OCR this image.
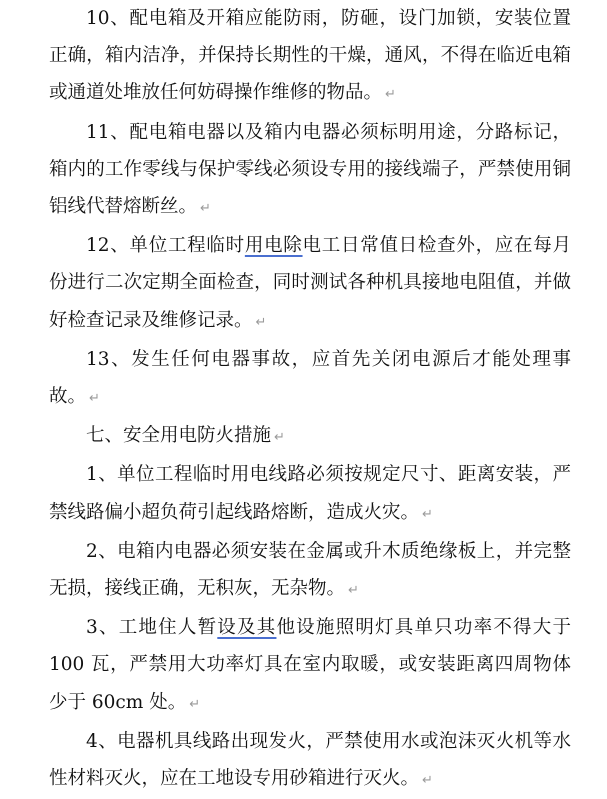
10、配电箱及开箱应能防雨，防砸，设门加锁，安装位置正确，箱内洁净，并保持长期性的干燥，通风，不得在临近电箱或通道处堆放任何妨碍操作维修的物品。 ↵

11、配电箱电器以及箱内电器必须标明用途，分路标记，箱内的工作零线与保护零线必须设专用的接线端子，严禁使用铜铝线代替熔断丝。 ↵

12、单位工程临时用电除电工日常值日检查外，应在每月份进行二次定期全面检查，同时测试各种机具接地电阻值，并做好检查记录及维修记录。 ↵

13、发生任何电器事故，应首先关闭电源后才能处理事故。 ↵

七、安全用电防火措施 ↵

1、单位工程临时用电线路必须按规定尺寸、距离安装，严禁线路偏小超负荷引起线路熔断，造成火灾。 ↵

2、电箱内电器必须安装在金属或升木质绝缘板上，并完整无损，接线正确，无积灰，无杂物。 ↵

3、工地住人暂设及其他设施照明灯具单只功率不得大于 100 瓦，严禁用大功率灯具在室内取暖，或安装距离四周物体少于 60cm 处。 ↵

4、电器机具线路出现发火，严禁使用水或泡沫灭火机等水性材料灭火，应在工地设专用砂箱进行灭火。 ↵
